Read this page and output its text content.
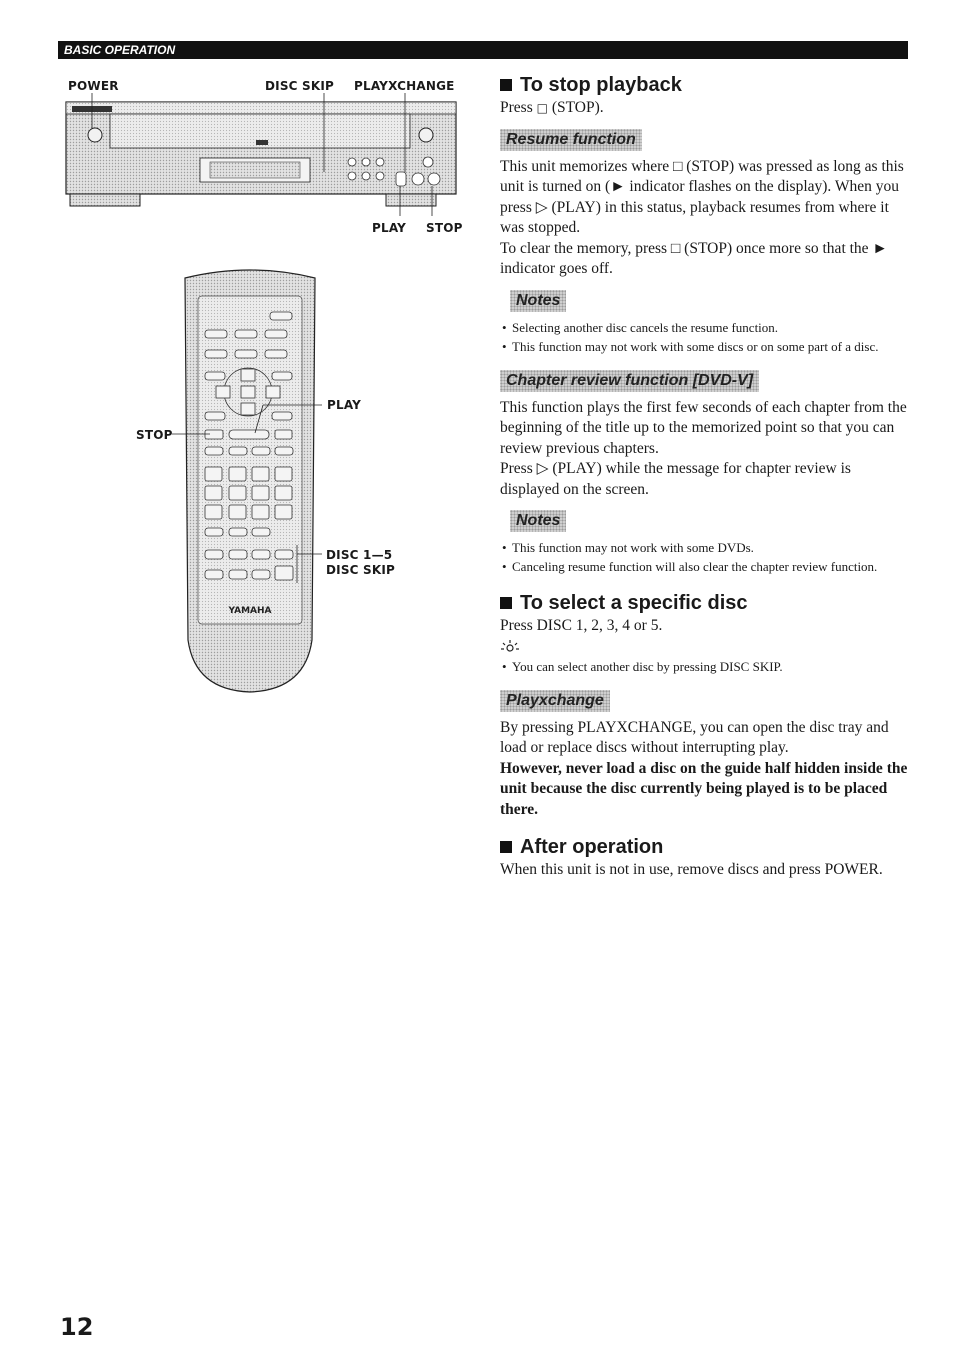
BASIC OPERATION
YAMAHA
POWER	DISC SKIP PLAYXCHANGE
PLAY STOP
PLAY
STOP
DISC 1—5
DISC SKIP
To stop playback

Press □ (STOP).

Resume function

This unit memorizes where □ (STOP) was pressed as long as this unit is turned on (► indicator flashes on the display). When you press ▷ (PLAY) in this status, playback resumes from where it was stopped.

To clear the memory, press □ (STOP) once more so that the ► indicator goes off.

Notes
• Selecting another disc cancels the resume function.
• This function may not work with some discs or on some part of a disc.
Chapter review function [DVD-V]

This function plays the first few seconds of each chapter from the beginning of the title up to the memorized point so that you can review previous chapters.

Press ▷ (PLAY) while the message for chapter review is displayed on the screen.

Notes
• This function may not work with some DVDs.
• Canceling resume function will also clear the chapter review function.
To select a specific disc

Press DISC 1, 2, 3, 4 or 5.

• You can select another disc by pressing DISC SKIP.
Playxchange

By pressing PLAYXCHANGE, you can open the disc tray and load or replace discs without interrupting play.

However, never load a disc on the guide half hidden inside the unit because the disc currently being played is to be placed there.

After operation

When this unit is not in use, remove discs and press POWER.

12
